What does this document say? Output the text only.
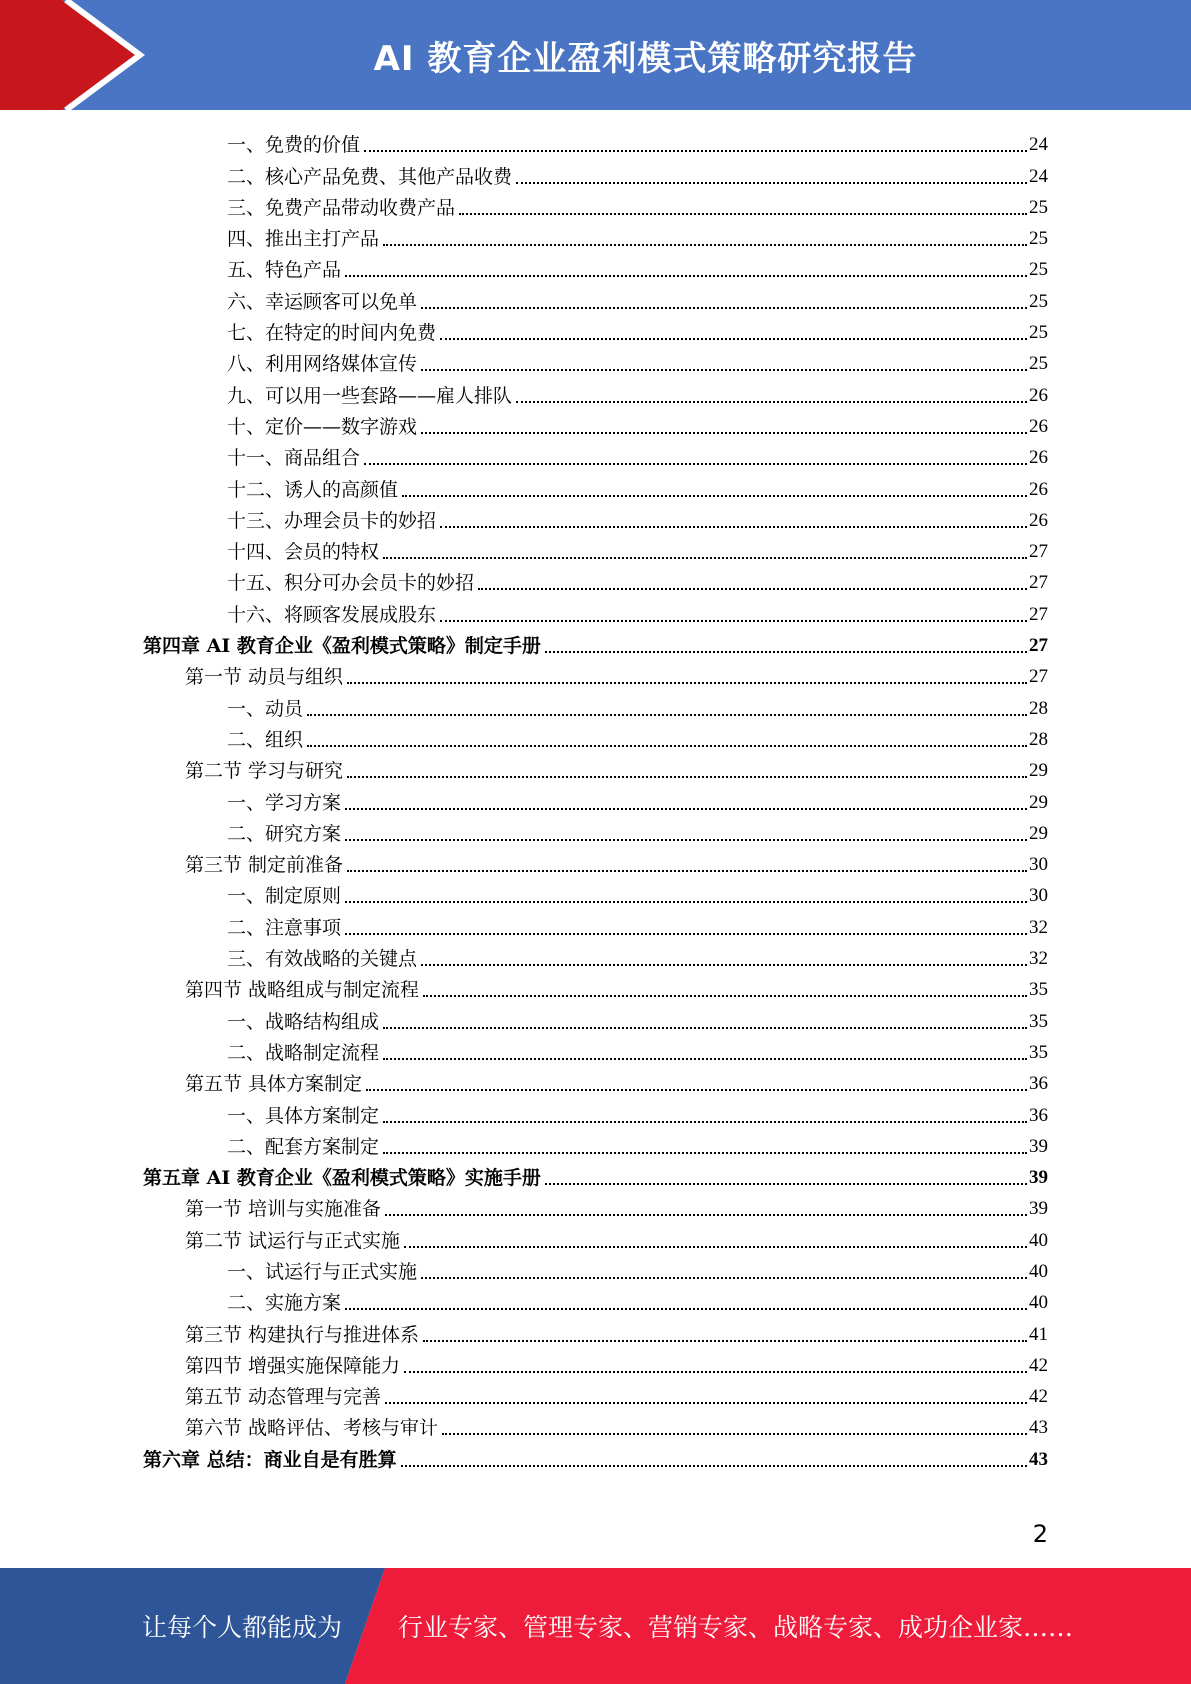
AI 教育企业盈利模式策略研究报告
一、免费的价值	24
二、核心产品免费、其他产品收费	24
三、免费产品带动收费产品	25
四、推出主打产品	25
五、特色产品	25
六、幸运顾客可以免单	25
七、在特定的时间内免费	25
八、利用网络媒体宣传	25
九、可以用一些套路——雇人排队	26
十、定价——数字游戏	26
十一、商品组合	26
十二、诱人的高颜值	26
十三、办理会员卡的妙招	26
十四、会员的特权	27
十五、积分可办会员卡的妙招	27
十六、将顾客发展成股东	27
第四章 AI 教育企业《盈利模式策略》制定手册	27
第一节 动员与组织	27
一、动员	28
二、组织	28
第二节 学习与研究	29
一、学习方案	29
二、研究方案	29
第三节 制定前准备	30
一、制定原则	30
二、注意事项	32
三、有效战略的关键点	32
第四节 战略组成与制定流程	35
一、战略结构组成	35
二、战略制定流程	35
第五节 具体方案制定	36
一、具体方案制定	36
二、配套方案制定	39
第五章 AI 教育企业《盈利模式策略》实施手册	39
第一节 培训与实施准备	39
第二节 试运行与正式实施	40
一、试运行与正式实施	40
二、实施方案	40
第三节 构建执行与推进体系	41
第四节 增强实施保障能力	42
第五节 动态管理与完善	42
第六节 战略评估、考核与审计	43
第六章 总结：商业自是有胜算	43
2
让每个人都能成为 行业专家、管理专家、营销专家、战略专家、成功企业家……
